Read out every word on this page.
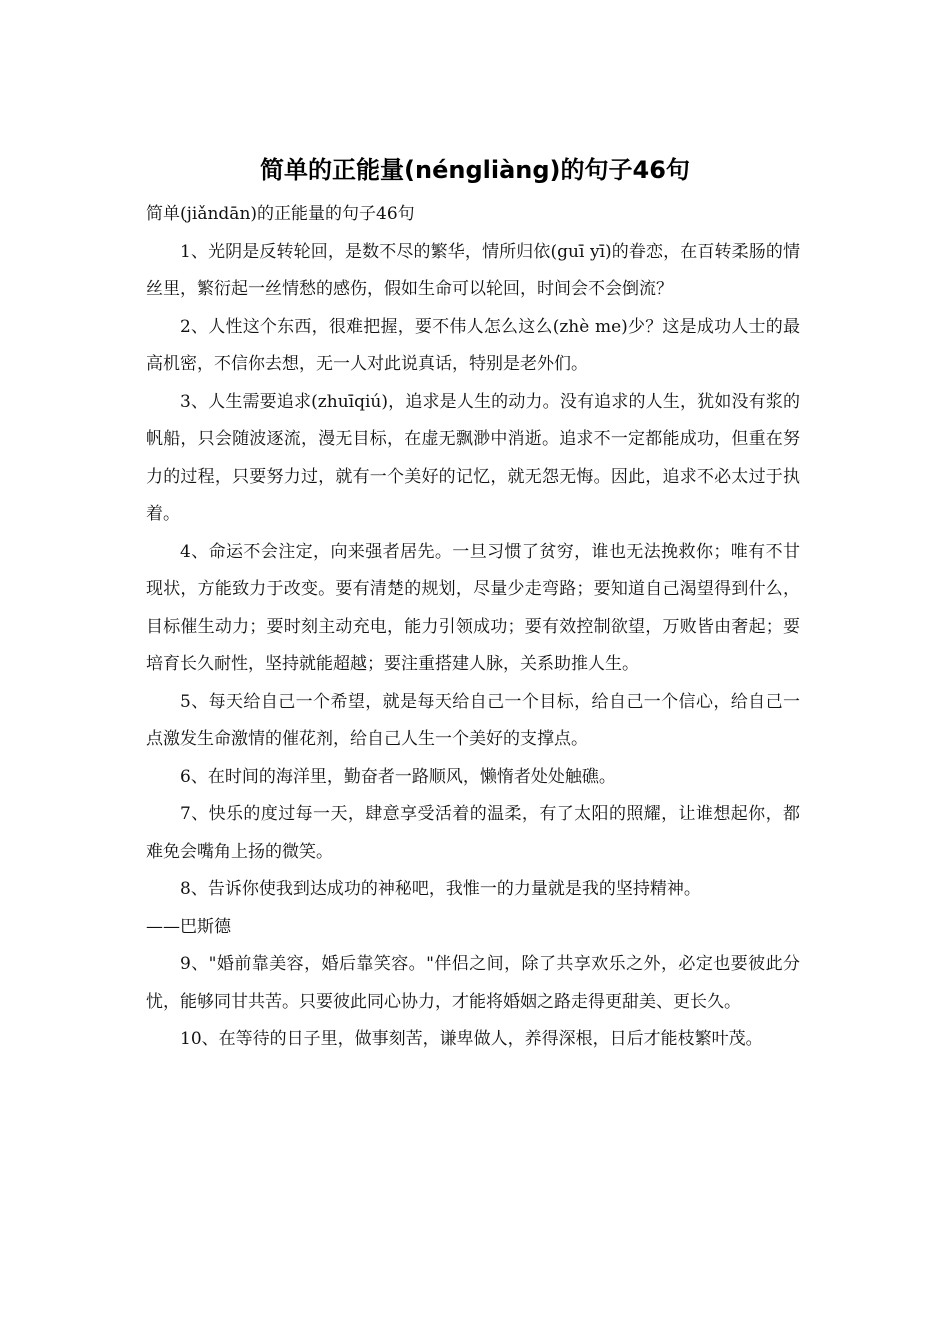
简单的正能量(néngliàng)的句子46句

简单(jiǎndān)的正能量的句子46句

1、光阴是反转轮回，是数不尽的繁华，情所归依(guī yī)的眷恋，在百转柔肠的情丝里，繁衍起一丝情愁的感伤，假如生命可以轮回，时间会不会倒流？

2、人性这个东西，很难把握，要不伟人怎么这么(zhè me)少？这是成功人士的最高机密，不信你去想，无一人对此说真话，特别是老外们。

3、人生需要追求(zhuīqiú)，追求是人生的动力。没有追求的人生，犹如没有浆的帆船，只会随波逐流，漫无目标，在虚无飘渺中消逝。追求不一定都能成功，但重在努力的过程，只要努力过，就有一个美好的记忆，就无怨无悔。因此，追求不必太过于执着。

4、命运不会注定，向来强者居先。一旦习惯了贫穷，谁也无法挽救你；唯有不甘现状，方能致力于改变。要有清楚的规划，尽量少走弯路；要知道自己渴望得到什么，目标催生动力；要时刻主动充电，能力引领成功；要有效控制欲望，万败皆由奢起；要培育长久耐性，坚持就能超越；要注重搭建人脉，关系助推人生。

5、每天给自己一个希望，就是每天给自己一个目标，给自己一个信心，给自己一点激发生命激情的催花剂，给自己人生一个美好的支撑点。

6、在时间的海洋里，勤奋者一路顺风，懒惰者处处触礁。

7、快乐的度过每一天，肆意享受活着的温柔，有了太阳的照耀，让谁想起你，都难免会嘴角上扬的微笑。

8、告诉你使我到达成功的神秘吧，我惟一的力量就是我的坚持精神。

——巴斯德

9、"婚前靠美容，婚后靠笑容。"伴侣之间，除了共享欢乐之外，必定也要彼此分忧，能够同甘共苦。只要彼此同心协力，才能将婚姻之路走得更甜美、更长久。

10、在等待的日子里，做事刻苦，谦卑做人，养得深根，日后才能枝繁叶茂。
